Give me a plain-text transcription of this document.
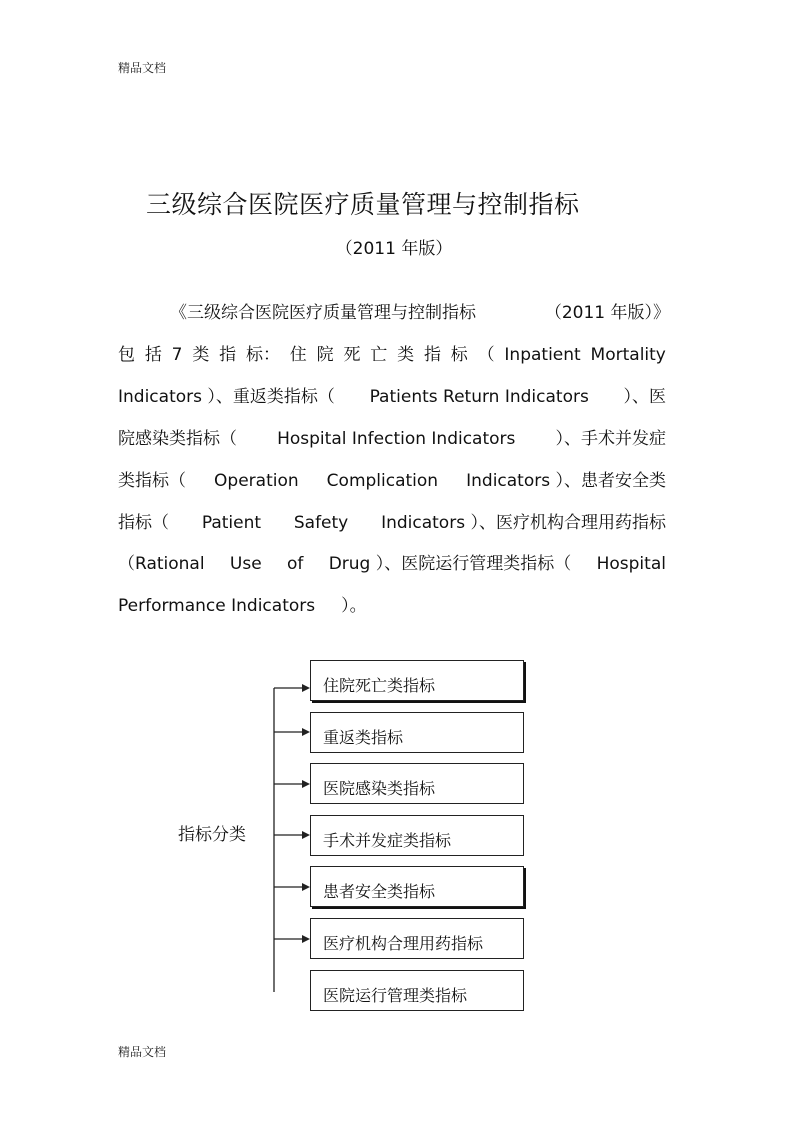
精品文档
三级综合医院医疗质量管理与控制指标
（2011 年版）
《三级综合医院医疗质量管理与控制指标	（2011 年版）》
包 括 7 类 指 标： 住 院 死 亡 类 指 标 （ Inpatient Mortality
Indicators ）、重返类指标（ Patients Return Indicators ）、医
院感染类指标（ Hospital Infection Indicators ）、手术并发症
类指标（ Operation Complication Indicators ）、患者安全类
指标（ Patient Safety Indicators ）、医疗机构合理用药指标
（Rational Use of Drug ）、医院运行管理类指标（ Hospital
Performance Indicators ）。
指标分类
住院死亡类指标
重返类指标
医院感染类指标
手术并发症类指标
患者安全类指标
医疗机构合理用药指标
医院运行管理类指标
精品文档
